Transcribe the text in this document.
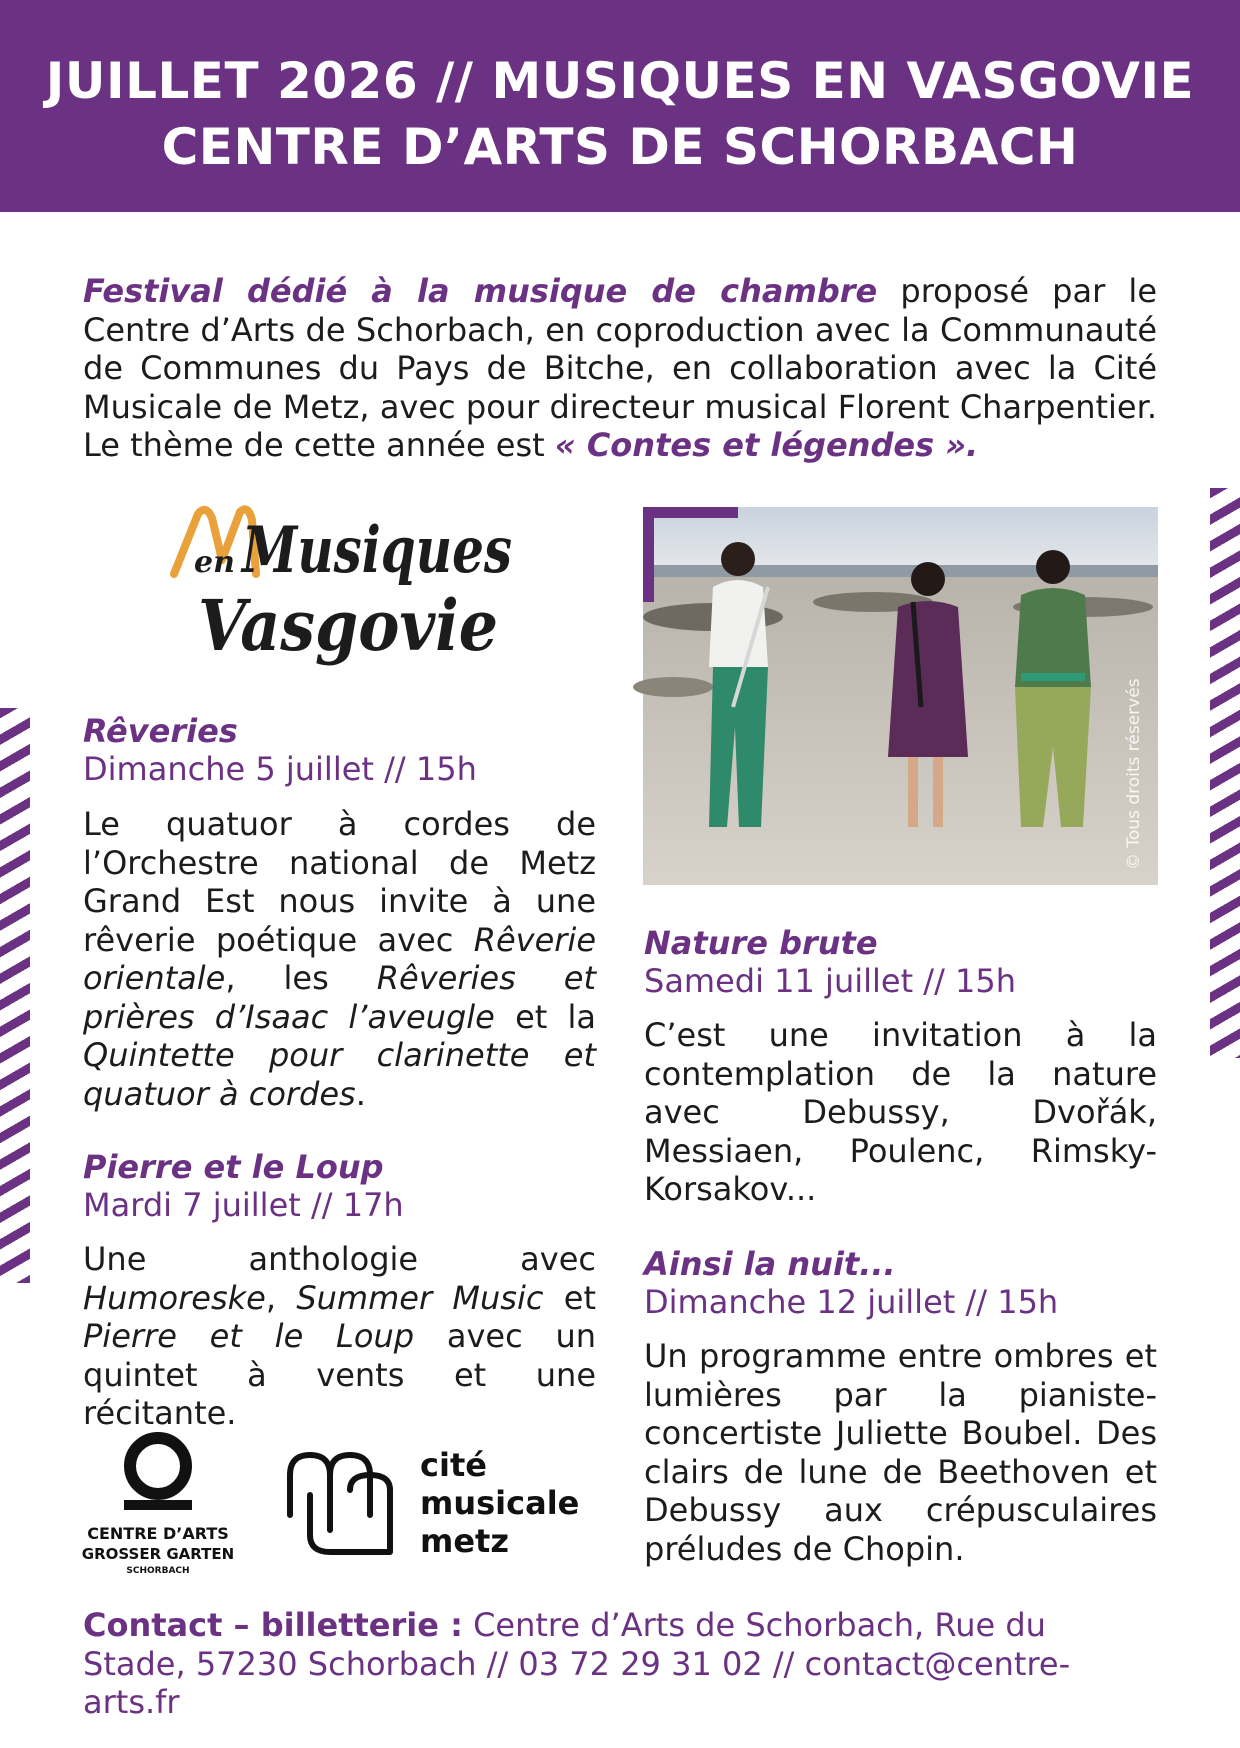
JUILLET 2026 // MUSIQUES EN VASGOVIE
CENTRE D’ARTS DE SCHORBACH
Festival dédié à la musique de chambre proposé par le Centre d’Arts de Schorbach, en coproduction avec la Communauté de Communes du Pays de Bitche, en collaboration avec la Cité Musicale de Metz, avec pour directeur musical Florent Charpentier. Le thème de cette année est « Contes et légendes ».
en Musiques
Vasgovie
© Tous droits réservés
Rêveries
Dimanche 5 juillet // 15h
Le quatuor à cordes de l’Orchestre national de Metz Grand Est nous invite à une rêverie poétique avec Rêverie orientale, les Rêveries et prières d’Isaac l’aveugle et la Quintette pour clarinette et quatuor à cordes.
Pierre et le Loup
Mardi 7 juillet // 17h
Une anthologie avec Humoreske, Summer Music et Pierre et le Loup avec un quintet à vents et une récitante.
Nature brute
Samedi 11 juillet // 15h
C’est une invitation à la contemplation de la nature avec Debussy, Dvořák, Messiaen, Poulenc, Rimsky-Korsakov...
Ainsi la nuit...
Dimanche 12 juillet // 15h
Un programme entre ombres et lumières par la pianiste-concertiste Juliette Boubel. Des clairs de lune de Beethoven et Debussy aux crépusculaires préludes de Chopin.
CENTRE D’ARTS
GROSSER GARTEN
SCHORBACH
cité
musicale
metz
Contact – billetterie : Centre d’Arts de Schorbach, Rue du Stade, 57230 Schorbach // 03 72 29 31 02 // contact@centre-arts.fr
